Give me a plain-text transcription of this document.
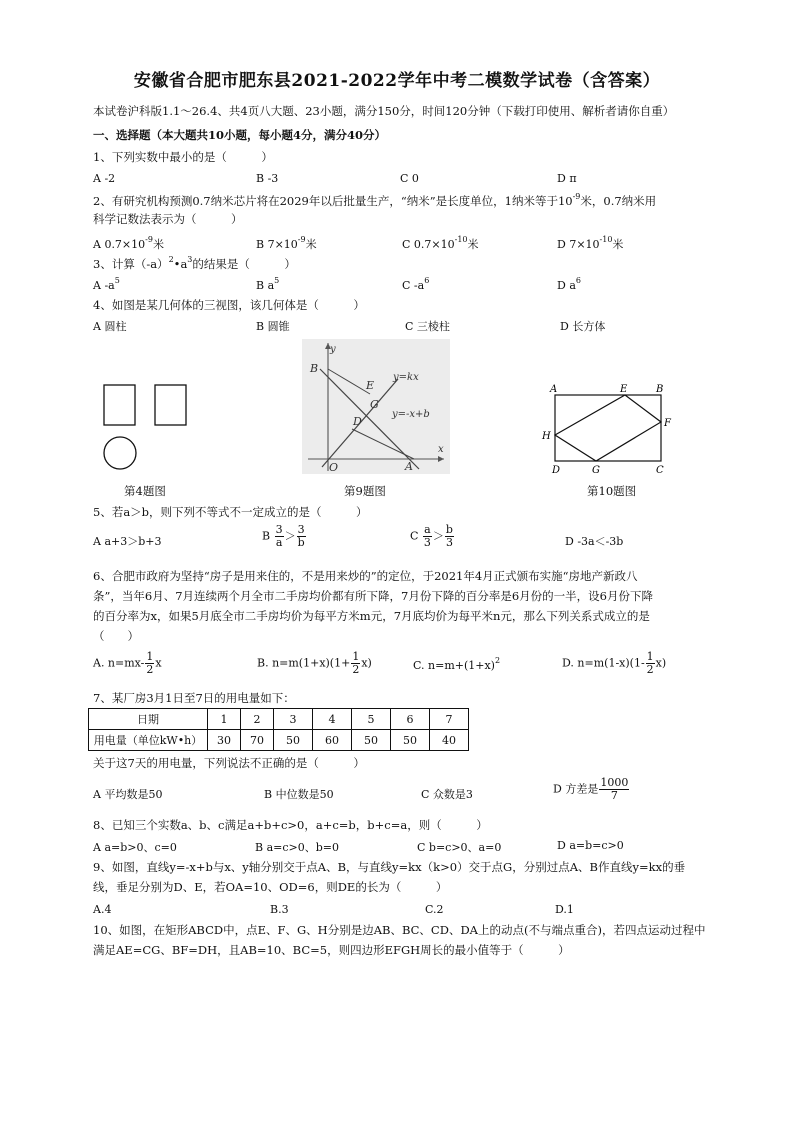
安徽省合肥市肥东县2021-2022学年中考二模数学试卷（含答案）
本试卷沪科版1.1～26.4、共4页八大题、23小题，满分150分，时间120分钟（下载打印使用、解析者请你自重）
一、选择题（本大题共10小题，每小题4分，满分40分）
1、下列实数中最小的是（　　　）
A -2	B -3	C 0	D π
2、有研究机构预测0.7纳米芯片将在2029年以后批量生产，“纳米”是长度单位，1纳米等于$10^{-9}$米，0.7纳米用
科学记数法表示为（　　　）
A $0.7\times 10^{-9}$米	B $7\times 10^{-9}$米	C $0.7\times 10^{-10}$米	D $7\times 10^{-10}$米
3、计算$(-a)^2•a^3$的结果是（　　　）
A $-a^5$	B $a^5$	C $-a^6$	D $a^6$
4、如图是某几何体的三视图，该几何体是（　　　）
A 圆柱	B 圆锥	C 三棱柱	D 长方体
y
x
B
E
G
D
y=kx
y=-x+b
O	A
A	E	B
H
F
D	G	C
第4题图	第9题图	第10题图
5、若a＞b，则下列不等式不一定成立的是（　　　）
A a+3＞b+3	B $\frac{3}{a} > \frac{3}{b}$	C $\frac{a}{3} > \frac{b}{3}$	D -3a＜-3b
6、合肥市政府为坚持“房子是用来住的，不是用来炒的”的定位，于2021年4月正式颁布实施“房地产新政八
条”，当年6月、7月连续两个月全市二手房均价都有所下降，7月份下降的百分率是6月份的一半，设6月份下降
的百分率为x，如果5月底全市二手房均价为每平方米m元，7月底均价为每平米n元，那么下列关系式成立的是
（　　）
A. $n=mx- \frac{1}{2}$ x	B. $n=m(1+x)(1+ \frac{1}{2} x)$	C. $n=m+(1+x)^2$	D. $n=m(1-x)(1- \frac{1}{2} x)$
7、某厂房3月1日至7日的用电量如下：
日期	1	2	3	4	5	6	7
用电量（单位kW•h）	30	70	50	60	50	50	40
关于这7天的用电量，下列说法不正确的是（　　　）
A 平均数是50	B 中位数是50	C 众数是3	D 方差是 $\frac{1000}{7}$
8、已知三个实数a、b、c满足a+b+c>0，a+c=b，b+c=a，则（　　　）
A a=b>0、c=0	B a=c>0、b=0	C b=c>0、a=0	D a=b=c>0
9、如图，直线y=-x+b与x、y轴分别交于点A、B，与直线y=kx（k>0）交于点G，分别过点A、B作直线y=kx的垂
线，垂足分别为D、E，若OA=10、OD=6，则DE的长为（　　　）
A.4	B.3	C.2	D.1
10、如图，在矩形ABCD中，点E、F、G、H分别是边AB、BC、CD、DA上的动点(不与端点重合)，若四点运动过程中
满足AE=CG、BF=DH，且AB=10、BC=5，则四边形EFGH周长的最小值等于（　　　）
